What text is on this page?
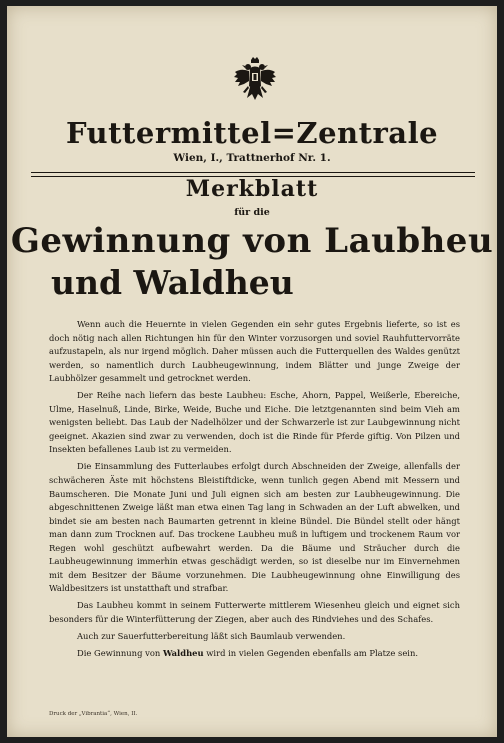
Futtermittel=Zentrale
Wien, I., Trattnerhof Nr. 1.
Merkblatt
für die
Gewinnung von Laubheu
und Waldheu

Wenn auch die Heuernte in vielen Gegenden ein sehr gutes Ergebnis lieferte, so ist es doch nötig nach allen Richtungen hin für den Winter vorzusorgen und soviel Rauhfuttervorräte aufzustapeln, als nur irgend möglich. Daher müssen auch die Futterquellen des Waldes genützt werden, so namentlich durch Laubheugewinnung, indem Blätter und junge Zweige der Laubhölzer gesammelt und getrocknet werden.

Der Reihe nach liefern das beste Laubheu: Esche, Ahorn, Pappel, Weißerle, Ebereiche, Ulme, Haselnuß, Linde, Birke, Weide, Buche und Eiche. Die letztgenannten sind beim Vieh am wenigsten beliebt. Das Laub der Nadelhölzer und der Schwarzerle ist zur Laubgewinnung nicht geeignet. Akazien sind zwar zu verwenden, doch ist die Rinde für Pferde giftig. Von Pilzen und Insekten befallenes Laub ist zu vermeiden.

Die Einsammlung des Futterlaubes erfolgt durch Abschneiden der Zweige, allenfalls der schwächeren Äste mit höchstens Bleistiftdicke, wenn tunlich gegen Abend mit Messern und Baumscheren. Die Monate Juni und Juli eignen sich am besten zur Laubheugewinnung. Die abgeschnittenen Zweige läßt man etwa einen Tag lang in Schwaden an der Luft abwelken, und bindet sie am besten nach Baumarten getrennt in kleine Bündel. Die Bündel stellt oder hängt man dann zum Trocknen auf. Das trockene Laubheu muß in luftigem und trockenem Raum vor Regen wohl geschützt aufbewahrt werden. Da die Bäume und Sträucher durch die Laubheugewinnung immerhin etwas geschädigt werden, so ist dieselbe nur im Einvernehmen mit dem Besitzer der Bäume vorzunehmen. Die Laubheugewinnung ohne Einwilligung des Waldbesitzers ist unstatthaft und strafbar.

Das Laubheu kommt in seinem Futterwerte mittlerem Wiesenheu gleich und eignet sich besonders für die Winterfütterung der Ziegen, aber auch des Rindviehes und des Schafes.

Auch zur Sauerfutterbereitung läßt sich Baumlaub verwenden.

Die Gewinnung von Waldheu wird in vielen Gegenden ebenfalls am Platze sein.

Druck der „Vibrantia“, Wien, II.
